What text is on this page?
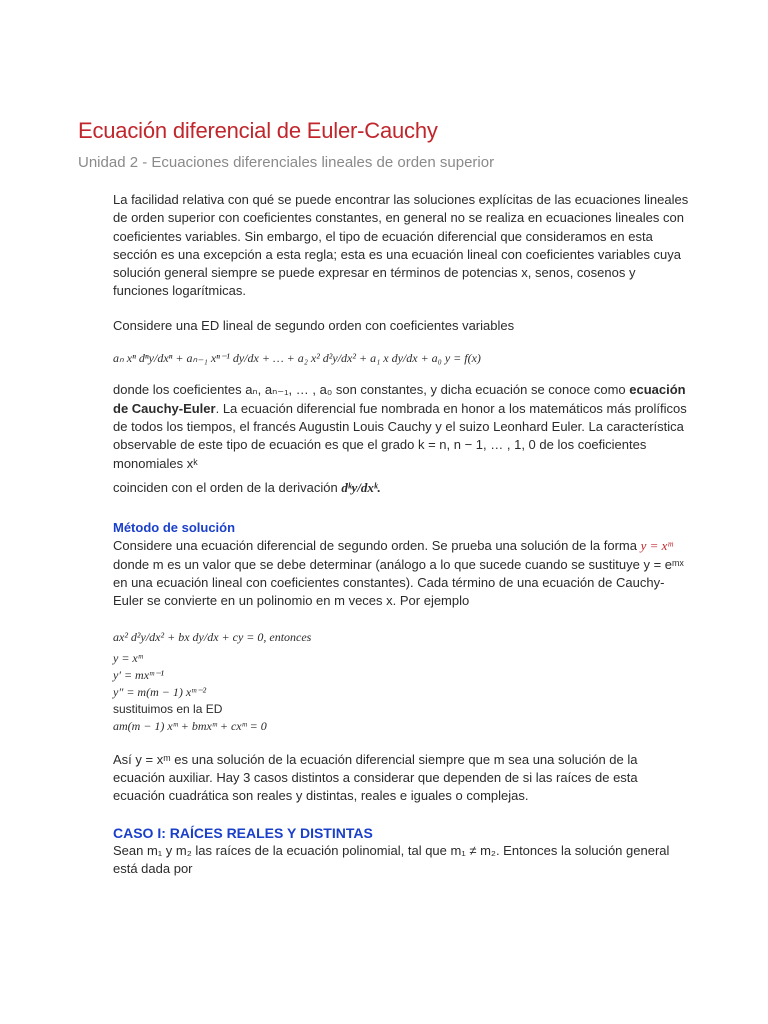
Ecuación diferencial de Euler-Cauchy
Unidad 2 - Ecuaciones diferenciales lineales de orden superior

La facilidad relativa con qué se puede encontrar las soluciones explícitas de las ecuaciones lineales de orden superior con coeficientes constantes, en general no se realiza en ecuaciones lineales con coeficientes variables. Sin embargo, el tipo de ecuación diferencial que consideramos en esta sección es una excepción a esta regla; esta es una ecuación lineal con coeficientes variables cuya solución general siempre se puede expresar en términos de potencias x, senos, cosenos y funciones logarítmicas.

Considere una ED lineal de segundo orden con coeficientes variables

aₙ xⁿ dⁿy/dxⁿ + aₙ₋₁ xⁿ⁻¹ dy/dx + … + a₂ x² d²y/dx² + a₁ x dy/dx + a₀ y = f(x)

donde los coeficientes aₙ, aₙ₋₁, … , a₀ son constantes, y dicha ecuación se conoce como ecuación de Cauchy-Euler. La ecuación diferencial fue nombrada en honor a los matemáticos más prolíficos de todos los tiempos, el francés Augustin Louis Cauchy y el suizo Leonhard Euler. La característica observable de este tipo de ecuación es que el grado k = n, n − 1, … , 1, 0 de los coeficientes monomiales xᵏ

coinciden con el orden de la derivación dᵏy/dxᵏ.

Método de solución

Considere una ecuación diferencial de segundo orden. Se prueba una solución de la forma y = xᵐ donde m es un valor que se debe determinar (análogo a lo que sucede cuando se sustituye y = eᵐˣ en una ecuación lineal con coeficientes constantes). Cada término de una ecuación de Cauchy-Euler se convierte en un polinomio en m veces x. Por ejemplo

ax² d²y/dx² + bx dy/dx + cy = 0, entonces
y = xᵐ
y′ = mxᵐ⁻¹
y″ = m(m − 1) xᵐ⁻²
sustituimos en la ED
am(m − 1) xᵐ + bmxᵐ + cxᵐ = 0

Así y = xᵐ es una solución de la ecuación diferencial siempre que m sea una solución de la ecuación auxiliar. Hay 3 casos distintos a considerar que dependen de si las raíces de esta ecuación cuadrática son reales y distintas, reales e iguales o complejas.

CASO I: RAÍCES REALES Y DISTINTAS

Sean m₁ y m₂ las raíces de la ecuación polinomial, tal que m₁ ≠ m₂. Entonces la solución general está dada por
